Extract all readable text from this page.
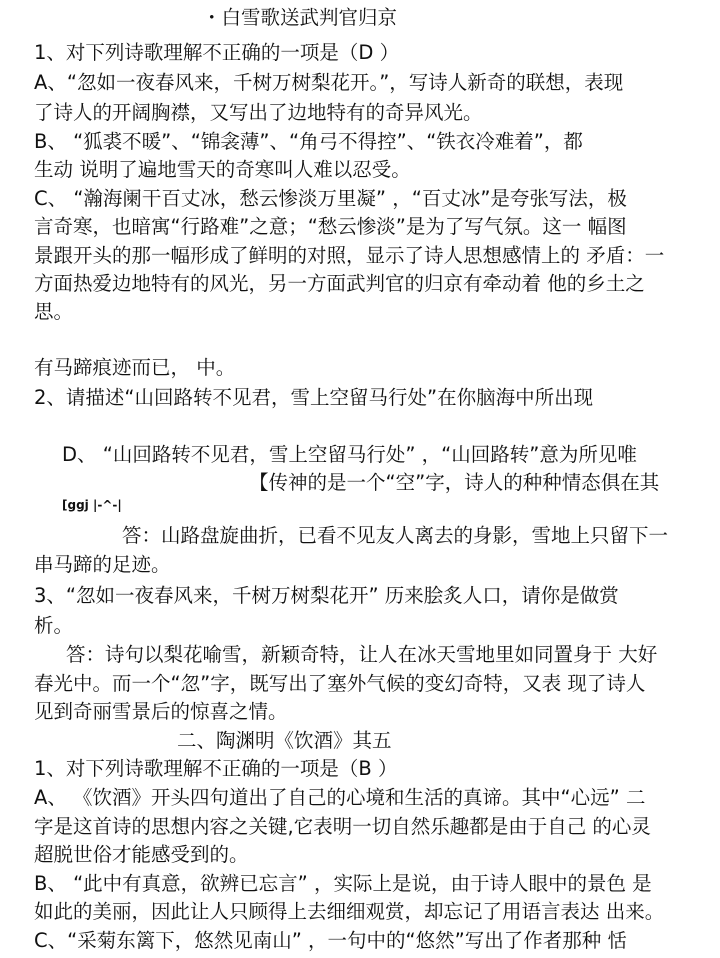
・白雪歌送武判官归京
1、对下列诗歌理解不正确的一项是（D ）
A、“忽如一夜春风来，千树万树梨花开。”，写诗人新奇的联想，表现
了诗人的开阔胸襟，又写出了边地特有的奇异风光。
B、 “狐裘不暖”、“锦衾薄”、“角弓不得控”、“铁衣冷难着”，都
生动 说明了遍地雪天的奇寒叫人难以忍受。
C、 “瀚海阑干百丈冰，愁云惨淡万里凝” ，“百丈冰”是夸张写法，极
言奇寒，也暗寓“行路难”之意；“愁云惨淡”是为了写气氛。这一 幅图
景跟开头的那一幅形成了鲜明的对照，显示了诗人思想感情上的 矛盾：一
方面热爱边地特有的风光，另一方面武判官的归京有牵动着 他的乡土之
思。
有马蹄痕迹而已， 中。
2、请描述“山回路转不见君，雪上空留马行处”在你脑海中所出现
D、 “山回路转不见君，雪上空留马行处” ，“山回路转”意为所见唯
【传神的是一个“空”字，诗人的种种情态俱在其
[ggj |-^-|
答：山路盘旋曲折，已看不见友人离去的身影，雪地上只留下一
串马蹄的足迹。
3、“忽如一夜春风来，千树万树梨花开” 历来脍炙人口，请你是做赏
析。
答：诗句以梨花喻雪，新颖奇特，让人在冰天雪地里如同置身于 大好
春光中。而一个“忽”字，既写出了塞外气候的变幻奇特，又表 现了诗人
见到奇丽雪景后的惊喜之情。
二、陶渊明《饮酒》其五
1、对下列诗歌理解不正确的一项是（B ）
A、 《饮酒》开头四句道出了自己的心境和生活的真谛。其中“心远” 二
字是这首诗的思想内容之关键,它表明一切自然乐趣都是由于自己 的心灵
超脱世俗才能感受到的。
B、 “此中有真意，欲辨已忘言” ，实际上是说，由于诗人眼中的景色 是
如此的美丽，因此让人只顾得上去细细观赏，却忘记了用语言表达 出来。
C、“采菊东篱下，悠然见南山” ，一句中的“悠然”写出了作者那种 恬
